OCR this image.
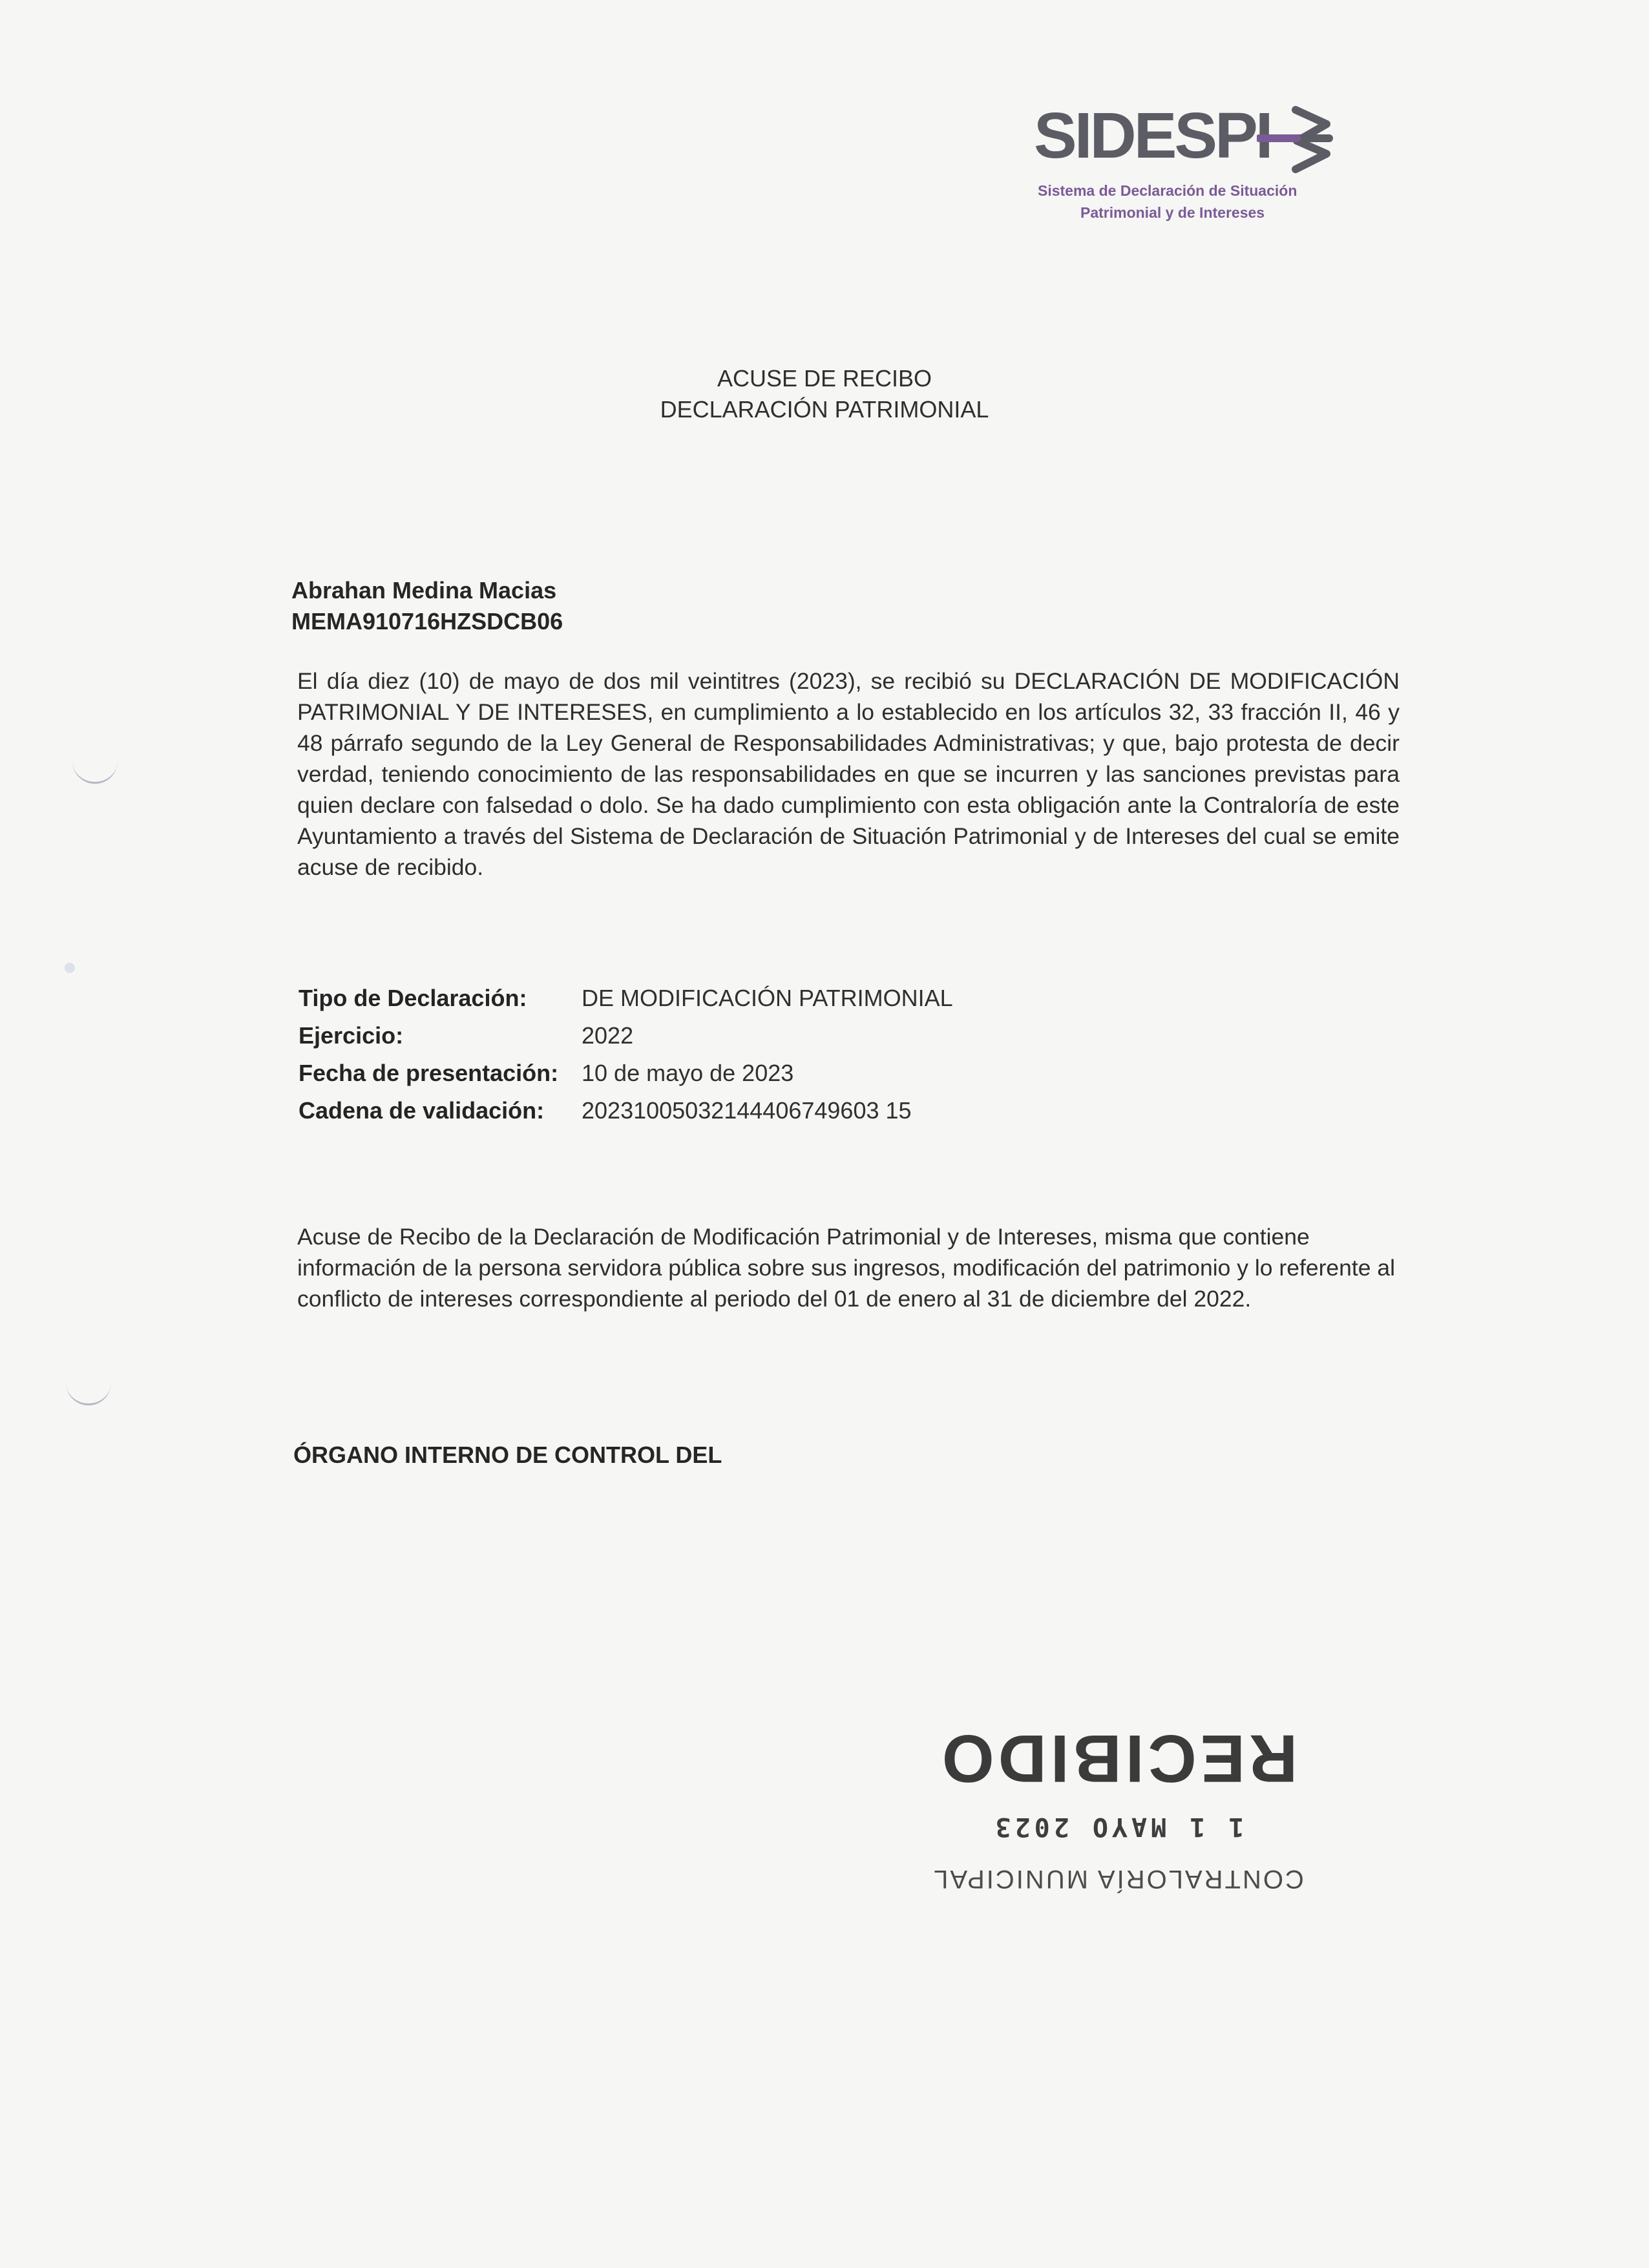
SIDESPI
Sistema de Declaración de Situación
Patrimonial y de Intereses
ACUSE DE RECIBO
DECLARACIÓN PATRIMONIAL
Abrahan Medina Macias
MEMA910716HZSDCB06
El día diez (10) de mayo de dos mil veintitres (2023), se recibió su DECLARACIÓN DE MODIFICACIÓN PATRIMONIAL Y DE INTERESES, en cumplimiento a lo establecido en los artículos 32, 33 fracción II, 46 y 48 párrafo segundo de la Ley General de Responsabilidades Administrativas; y que, bajo protesta de decir verdad, teniendo conocimiento de las responsabilidades en que se incurren y las sanciones previstas para quien declare con falsedad o dolo. Se ha dado cumplimiento con esta obligación ante la Contraloría de este Ayuntamiento a través del Sistema de Declaración de Situación Patrimonial y de Intereses del cual se emite acuse de recibido.
Tipo de Declaración: DE MODIFICACIÓN PATRIMONIAL
Ejercicio:	2022
Fecha de presentación: 10 de mayo de 2023
Cadena de validación: 20231005032144406749603 15
Acuse de Recibo de la Declaración de Modificación Patrimonial y de Intereses, misma que contiene información de la persona servidora pública sobre sus ingresos, modificación del patrimonio y lo referente al conflicto de intereses correspondiente al periodo del 01 de enero al 31 de diciembre del 2022.
ÓRGANO INTERNO DE CONTROL DEL
CONTRALORÍA MUNICIPAL
1 1 MAYO 2023
RECIBIDO
